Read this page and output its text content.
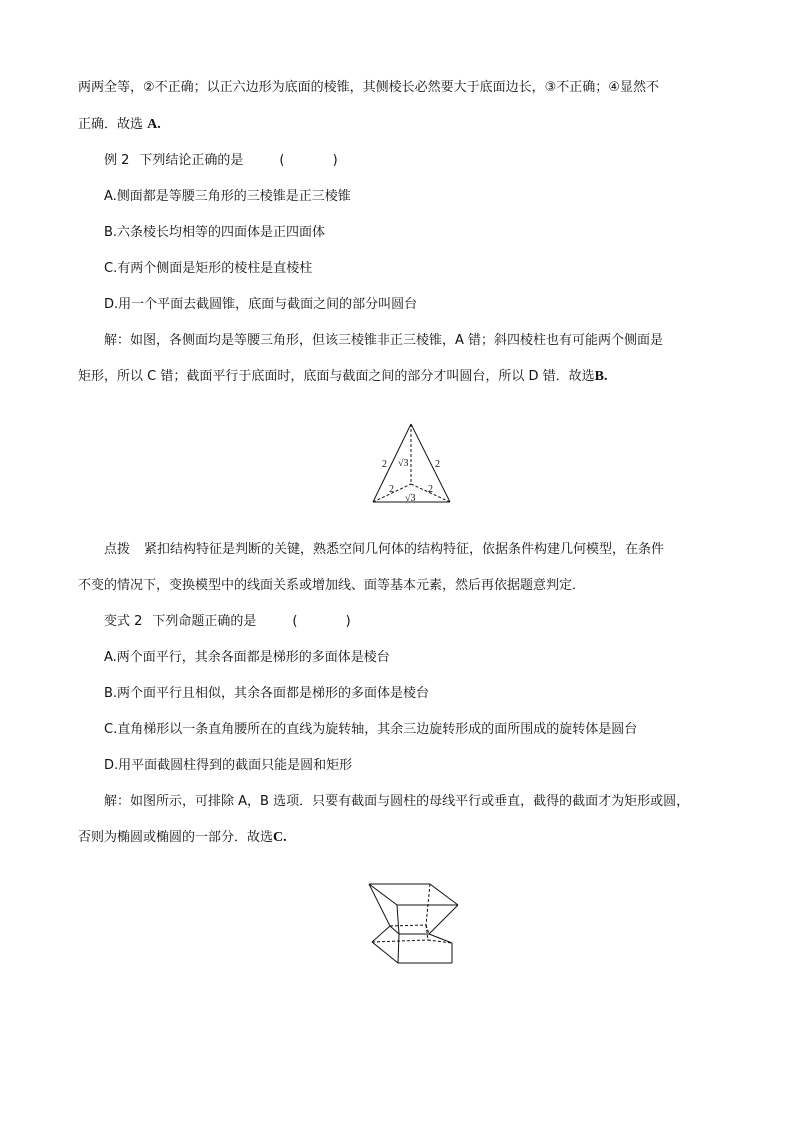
两两全等，②不正确；以正六边形为底面的棱锥，其侧棱长必然要大于底面边长，③不正确；④显然不
正确．故选 A.
例 2 下列结论正确的是	( )
A.侧面都是等腰三角形的三棱锥是正三棱锥
B.六条棱长均相等的四面体是正四面体
C.有两个侧面是矩形的棱柱是直棱柱
D.用一个平面去截圆锥，底面与截面之间的部分叫圆台
解：如图，各侧面均是等腰三角形，但该三棱锥非正三棱锥，A 错；斜四棱柱也有可能两个侧面是
矩形，所以 C 错；截面平行于底面时，底面与截面之间的部分才叫圆台，所以 D 错．故选B.
2	2
2	2
√3
√3
点拨 紧扣结构特征是判断的关键，熟悉空间几何体的结构特征，依据条件构建几何模型，在条件
不变的情况下，变换模型中的线面关系或增加线、面等基本元素，然后再依据题意判定．
变式 2 下列命题正确的是	( )
A.两个面平行，其余各面都是梯形的多面体是棱台
B.两个面平行且相似，其余各面都是梯形的多面体是棱台
C.直角梯形以一条直角腰所在的直线为旋转轴，其余三边旋转形成的面所围成的旋转体是圆台
D.用平面截圆柱得到的截面只能是圆和矩形
解：如图所示，可排除 A，B 选项．只要有截面与圆柱的母线平行或垂直，截得的截面才为矩形或圆，
否则为椭圆或椭圆的一部分．故选C.
